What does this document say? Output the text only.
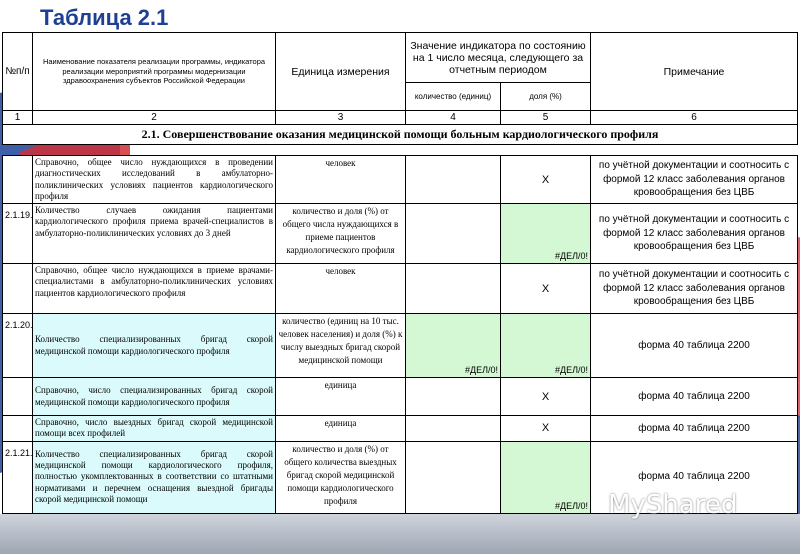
Таблица 2.1
№п/п	Наименование показателя реализации программы, индикатора реализации мероприятий программы модернизации здравоохранения субъектов Российской Федерации	Единица измерения	Значение индикатора по состоянию на 1 число месяца, следующего за отчетным периодом		Примечание
			количество (единиц)	доля (%)	
1	2	3	4	5	6
2.1. Совершенствование оказания медицинской помощи больным кардиологического профиля					

	Справочно, общее число нуждающихся в проведении диагностических исследований в амбулаторно-поликлинических условиях пациентов кардиологического профиля	человек		X	по учётной документации и соотносить с формой 12 класс заболевания органов кровообращения без ЦВБ
2.1.19.	Количество случаев ожидания пациентами кардиологического профиля приема врачей-специалистов в амбулаторно-поликлинических условиях до 3 дней	количество и доля (%) от общего числа нуждающихся в приеме пациентов кардиологического профиля		#ДЕЛ/0!	по учётной документации и соотносить с формой 12 класс заболевания органов кровообращения без ЦВБ
	Справочно, общее число нуждающихся в приеме врачами-специалистами в амбулаторно-поликлинических условиях пациентов кардиологического профиля	человек		X	по учётной документации и соотносить с формой 12 класс заболевания органов кровообращения без ЦВБ
2.1.20.	Количество специализированных бригад скорой медицинской помощи кардиологического профиля	количество (единиц на 10 тыс. человек населения) и доля (%) к числу выездных бригад скорой медицинской помощи	#ДЕЛ/0!	#ДЕЛ/0!	форма 40 таблица 2200
	Справочно, число специализированных бригад скорой медицинской помощи кардиологического профиля	единица		X	форма 40 таблица 2200
	Справочно, число выездных бригад скорой медицинской помощи всех профилей	единица		X	форма 40 таблица 2200
2.1.21.	Количество специализированных бригад скорой медицинской помощи кардиологического профиля, полностью укомплектованных в соответствии со штатными нормативами и перечнем оснащения выездной бригады скорой медицинской помощи	количество и доля (%) от общего количества выездных бригад скорой медицинской помощи кардиологического профиля		#ДЕЛ/0!	форма 40 таблица 2200
MyShared
